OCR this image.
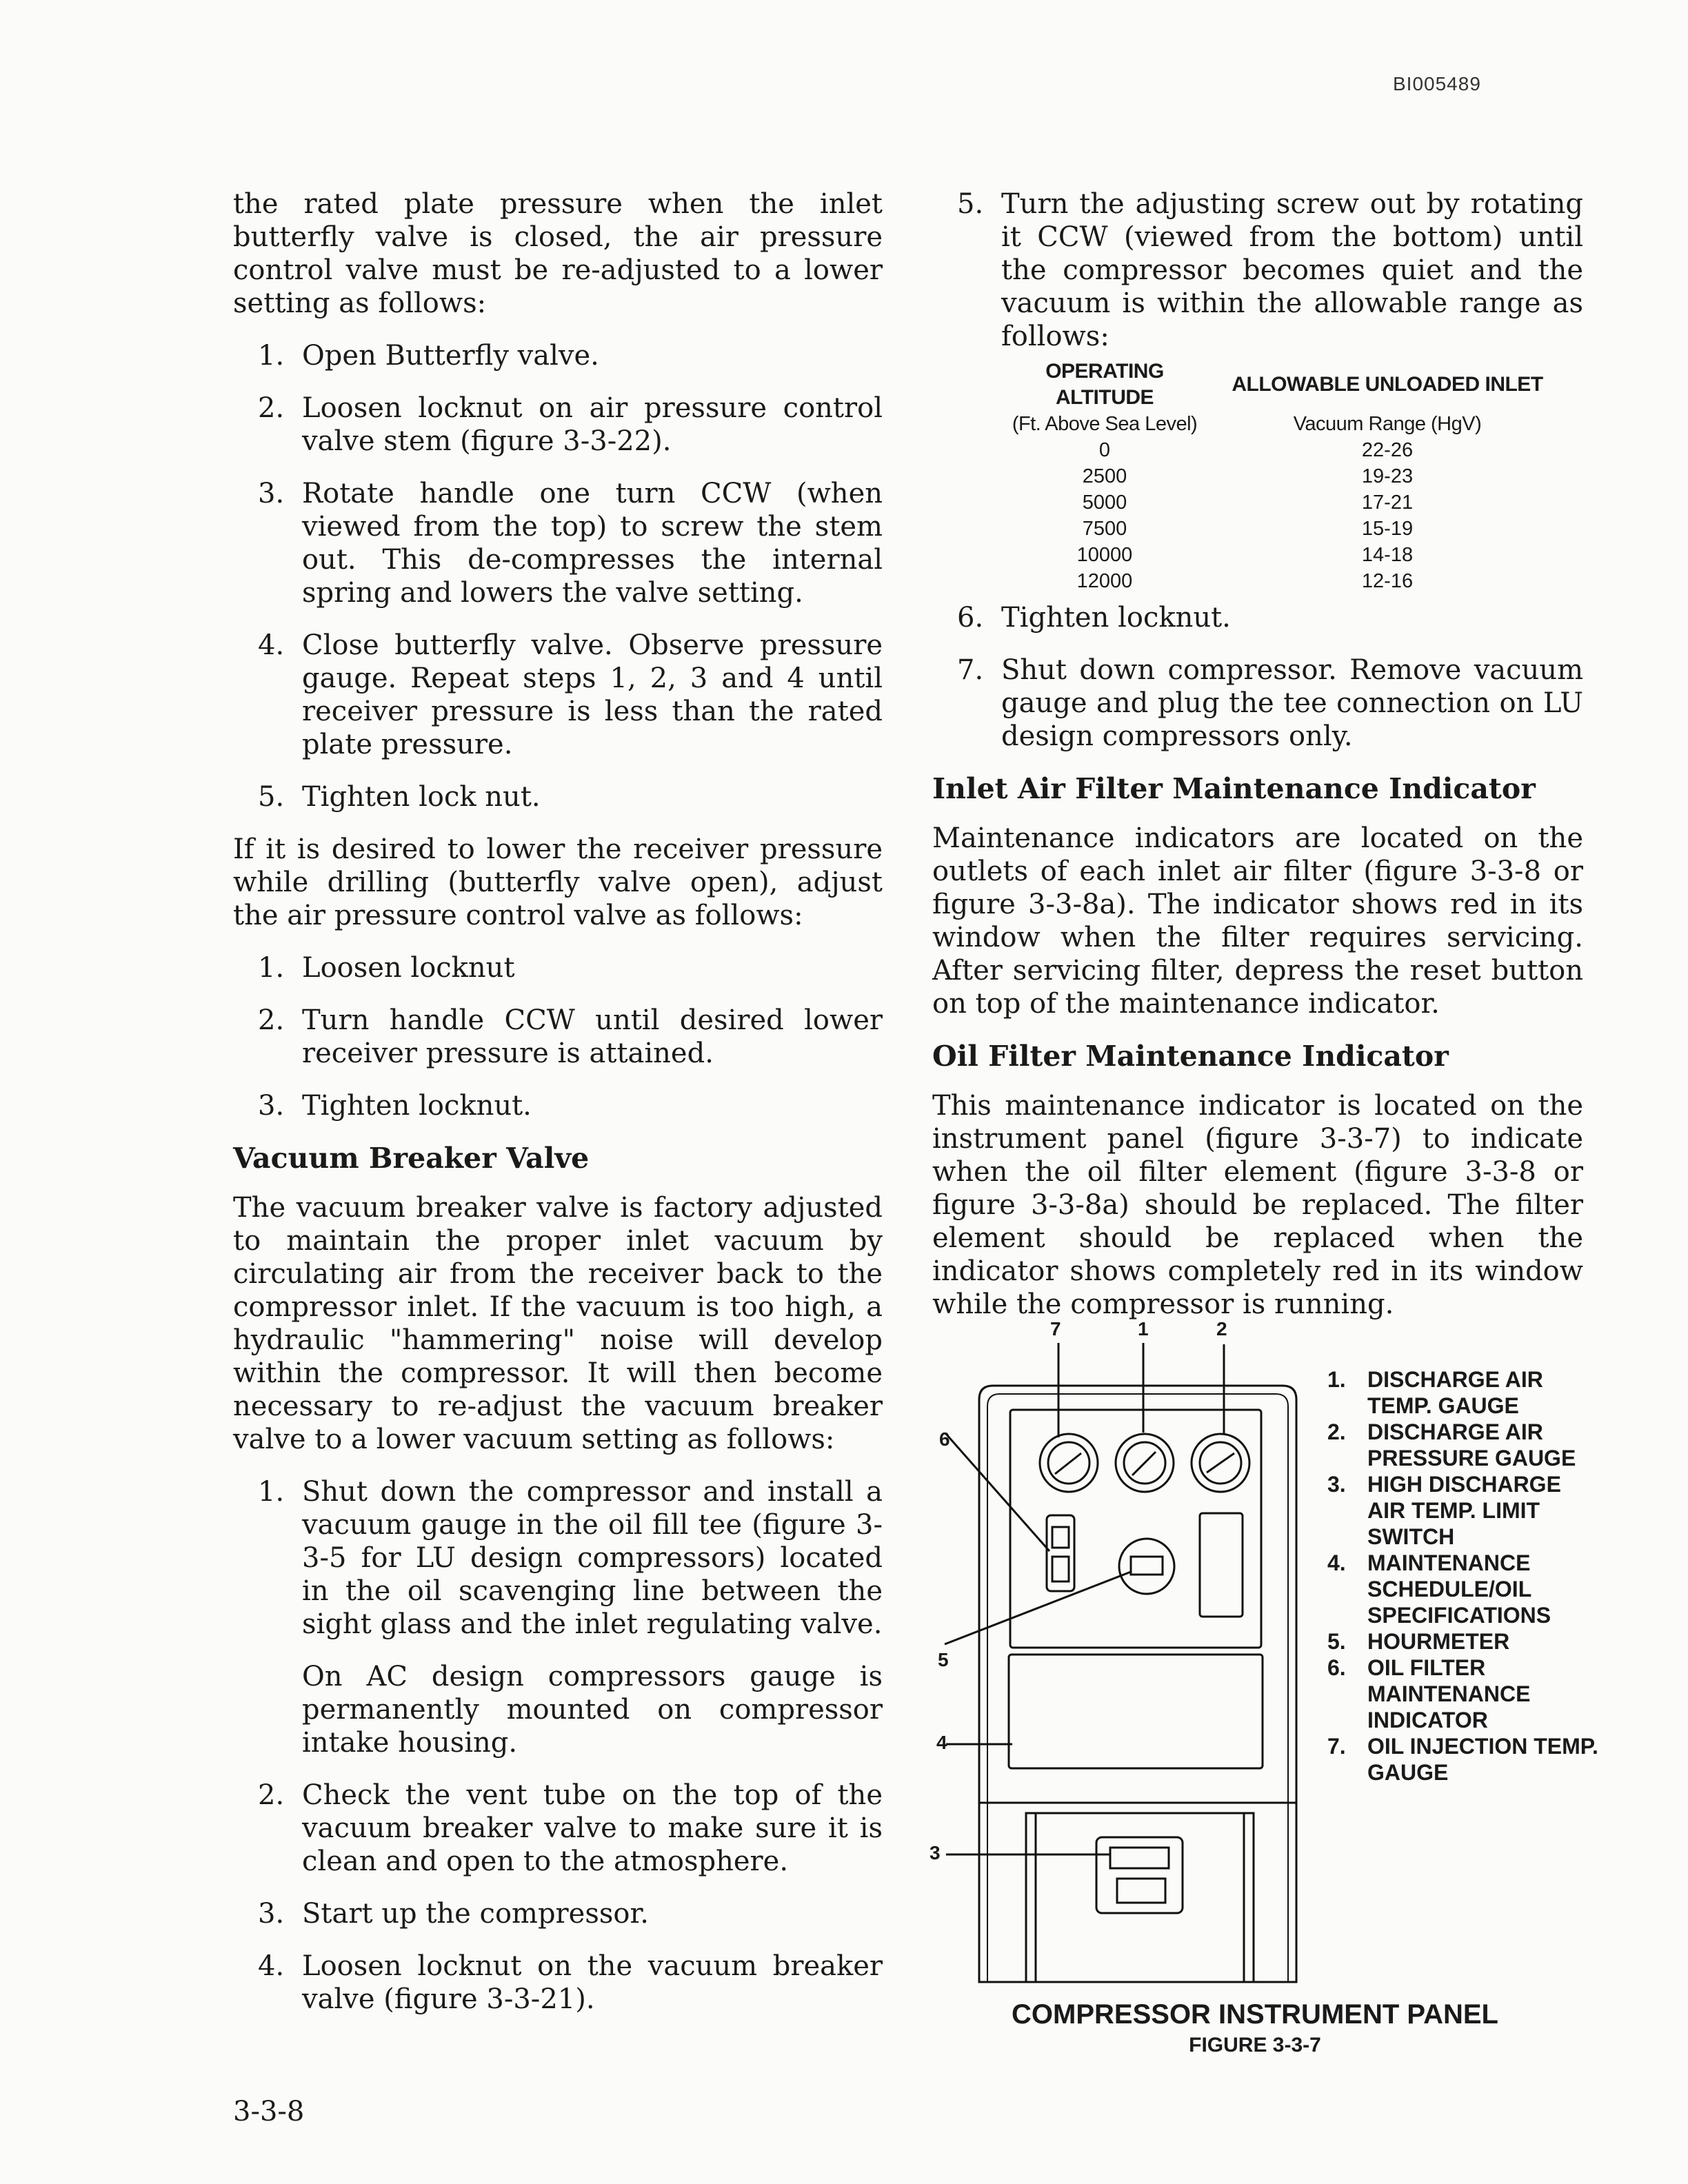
BI005489

the rated plate pressure when the inlet butterfly valve is closed, the air pressure control valve must be re-adjusted to a lower setting as follows:

1. Open Butterfly valve.
2. Loosen locknut on air pressure control valve stem (figure 3-3-22).
3. Rotate handle one turn CCW (when viewed from the top) to screw the stem out. This de-compresses the internal spring and lowers the valve setting.
4. Close butterfly valve. Observe pressure gauge. Repeat steps 1, 2, 3 and 4 until receiver pressure is less than the rated plate pressure.
5. Tighten lock nut.

If it is desired to lower the receiver pressure while drilling (butterfly valve open), adjust the air pressure control valve as follows:

1. Loosen locknut
2. Turn handle CCW until desired lower receiver pressure is attained.
3. Tighten locknut.
Vacuum Breaker Valve

The vacuum breaker valve is factory adjusted to maintain the proper inlet vacuum by circulating air from the receiver back to the compressor inlet. If the vacuum is too high, a hydraulic "hammering" noise will develop within the compressor. It will then become necessary to re-adjust the vacuum breaker valve to a lower vacuum setting as follows:

1. Shut down the compressor and install a vacuum gauge in the oil fill tee (figure 3-3-5 for LU design compressors) located in the oil scavenging line between the sight glass and the inlet regulating valve.

On AC design compressors gauge is permanently mounted on compressor intake housing.

2. Check the vent tube on the top of the vacuum breaker valve to make sure it is clean and open to the atmosphere.
3. Start up the compressor.
4. Loosen locknut on the vacuum breaker valve (figure 3-3-21).
5. Turn the adjusting screw out by rotating it CCW (viewed from the bottom) until the compressor becomes quiet and the vacuum is within the allowable range as follows:
OPERATING ALTITUDE	ALLOWABLE UNLOADED INLET
(Ft. Above Sea Level)	Vacuum Range (HgV)
0	22-26
2500	19-23
5000	17-21
7500	15-19
10000	14-18
12000	12-16
6. Tighten locknut.
7. Shut down compressor. Remove vacuum gauge and plug the tee connection on LU design compressors only.
Inlet Air Filter Maintenance Indicator

Maintenance indicators are located on the outlets of each inlet air filter (figure 3-3-8 or figure 3-3-8a). The indicator shows red in its window when the filter requires servicing. After servicing filter, depress the reset button on top of the maintenance indicator.

Oil Filter Maintenance Indicator

This maintenance indicator is located on the instrument panel (figure 3-3-7) to indicate when the oil filter element (figure 3-3-8 or figure 3-3-8a) should be replaced. The filter element should be replaced when the indicator shows completely red in its window while the compressor is running.

7	1	2
6
5
4
3
1. DISCHARGE AIR TEMP. GAUGE
2. DISCHARGE AIR PRESSURE GAUGE
3. HIGH DISCHARGE AIR TEMP. LIMIT SWITCH
4. MAINTENANCE SCHEDULE/OIL SPECIFICATIONS
5. HOURMETER
6. OIL FILTER MAINTENANCE INDICATOR
7. OIL INJECTION TEMP. GAUGE
COMPRESSOR INSTRUMENT PANEL
FIGURE 3-3-7
3-3-8
